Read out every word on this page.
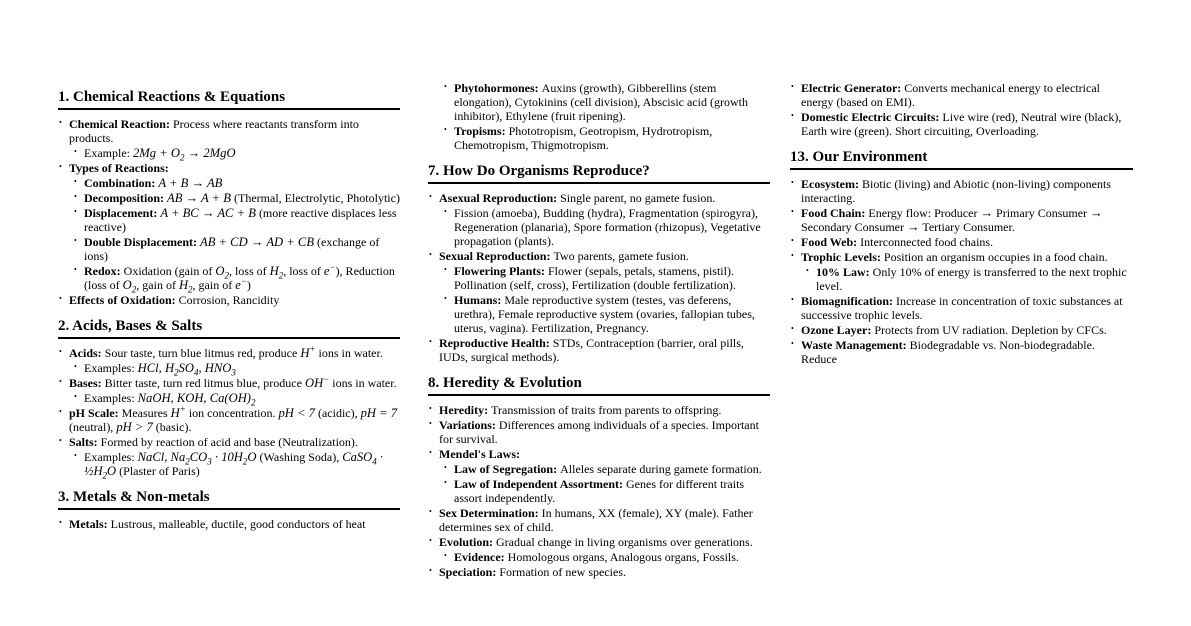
1. Chemical Reactions & Equations
• Chemical Reaction: Process where reactants transform into products.
• Example: $2Mg + O_2 \to 2MgO$
• Types of Reactions:
• Combination: A + B → AB
• Decomposition: AB → A + B (Thermal, Electrolytic, Photolytic)
• Displacement: A + BC → AC + B (more reactive displaces less reactive)
• Double Displacement: AB + CD → AD + CB (exchange of ions)
• Redox: Oxidation (gain of $O_2$, loss of $H_2$, loss of e−), Reduction (loss of $O_2$, gain of $H_2$, gain of e−)
• Effects of Oxidation: Corrosion, Rancidity
2. Acids, Bases & Salts
• Acids: Sour taste, turn blue litmus red, produce H+ ions in water.
• Examples: HCl, $H_2SO_4$, $HNO_3$
• Bases: Bitter taste, turn red litmus blue, produce OH− ions in water.
• Examples: NaOH, KOH, $Ca(OH)_2$
• pH Scale: Measures H+ ion concentration. pH < 7 (acidic), pH = 7 (neutral), pH > 7 (basic).
• Salts: Formed by reaction of acid and base (Neutralization).
• Examples: NaCl, $Na_2CO_3 \cdot 10H_2O$ (Washing Soda), CaSO$_4$ · $\frac{1}{2}H_2O$ (Plaster of Paris)
3. Metals & Non-metals
• Metals: Lustrous, malleable, ductile, good conductors of heat
• Phytohormones: Auxins (growth), Gibberellins (stem elongation), Cytokinins (cell division), Abscisic acid (growth inhibitor), Ethylene (fruit ripening).
• Tropisms: Phototropism, Geotropism, Hydrotropism, Chemotropism, Thigmotropism.
7. How Do Organisms Reproduce?
• Asexual Reproduction: Single parent, no gamete fusion.
• Fission (amoeba), Budding (hydra), Fragmentation (spirogyra), Regeneration (planaria), Spore formation (rhizopus), Vegetative propagation (plants).
• Sexual Reproduction: Two parents, gamete fusion.
• Flowering Plants: Flower (sepals, petals, stamens, pistil). Pollination (self, cross), Fertilization (double fertilization).
• Humans: Male reproductive system (testes, vas deferens, urethra), Female reproductive system (ovaries, fallopian tubes, uterus, vagina). Fertilization, Pregnancy.
• Reproductive Health: STDs, Contraception (barrier, oral pills, IUDs, surgical methods).
8. Heredity & Evolution
• Heredity: Transmission of traits from parents to offspring.
• Variations: Differences among individuals of a species. Important for survival.
• Mendel's Laws:
• Law of Segregation: Alleles separate during gamete formation.
• Law of Independent Assortment: Genes for different traits assort independently.
• Sex Determination: In humans, XX (female), XY (male). Father determines sex of child.
• Evolution: Gradual change in living organisms over generations.
• Evidence: Homologous organs, Analogous organs, Fossils.
• Speciation: Formation of new species.
• Electric Generator: Converts mechanical energy to electrical energy (based on EMI).
• Domestic Electric Circuits: Live wire (red), Neutral wire (black), Earth wire (green). Short circuiting, Overloading.
13. Our Environment
• Ecosystem: Biotic (living) and Abiotic (non-living) components interacting.
• Food Chain: Energy flow: Producer → Primary Consumer → Secondary Consumer → Tertiary Consumer.
• Food Web: Interconnected food chains.
• Trophic Levels: Position an organism occupies in a food chain.
• 10% Law: Only 10% of energy is transferred to the next trophic level.
• Biomagnification: Increase in concentration of toxic substances at successive trophic levels.
• Ozone Layer: Protects from UV radiation. Depletion by CFCs.
• Waste Management: Biodegradable vs. Non-biodegradable. Reduce
